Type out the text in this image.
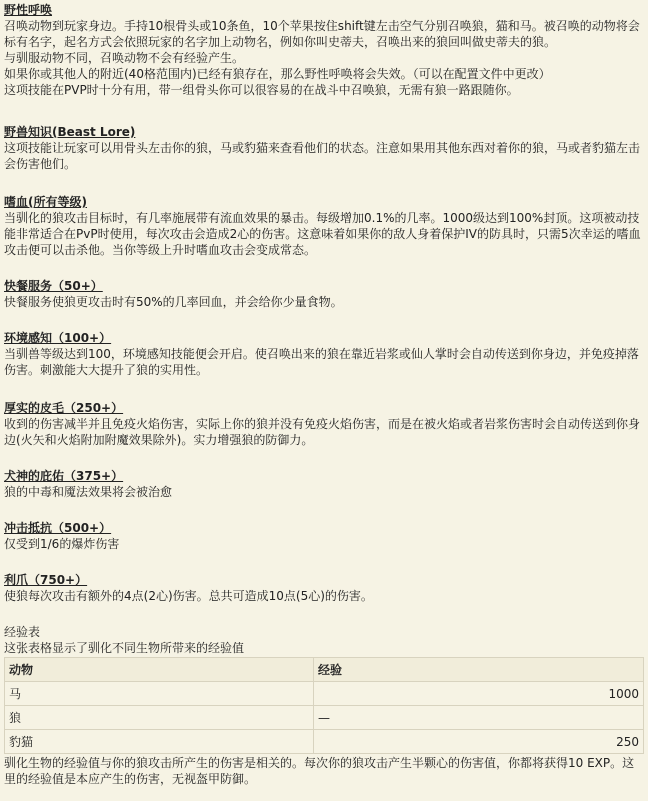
野性呼唤
召唤动物到玩家身边。手持10根骨头或10条鱼，10个苹果按住shift键左击空气分别召唤狼，猫和马。被召唤的动物将会标有名字，起名方式会依照玩家的名字加上动物名，例如你叫史蒂夫，召唤出来的狼回叫做史蒂夫的狼。
与驯服动物不同，召唤动物不会有经验产生。
如果你或其他人的附近(40格范围内)已经有狼存在，那么野性呼唤将会失效。（可以在配置文件中更改）
这项技能在PVP时十分有用，带一组骨头你可以很容易的在战斗中召唤狼，无需有狼一路跟随你。
野兽知识(Beast Lore)
这项技能让玩家可以用骨头左击你的狼，马或豹猫来查看他们的状态。注意如果用其他东西对着你的狼，马或者豹猫左击会伤害他们。
嗜血(所有等级)
当驯化的狼攻击目标时，有几率施展带有流血效果的暴击。每级增加0.1%的几率。1000级达到100%封顶。这项被动技能非常适合在PvP时使用，每次攻击会造成2心的伤害。这意味着如果你的敌人身着保护IV的防具时，只需5次幸运的嗜血攻击便可以击杀他。当你等级上升时嗜血攻击会变成常态。
快餐服务（50+）
快餐服务使狼更攻击时有50%的几率回血，并会给你少量食物。
环境感知（100+）
当驯兽等级达到100，环境感知技能便会开启。使召唤出来的狼在靠近岩浆或仙人掌时会自动传送到你身边，并免疫掉落伤害。刺激能大大提升了狼的实用性。
厚实的皮毛（250+）
收到的伤害减半并且免疫火焰伤害，实际上你的狼并没有免疫火焰伤害，而是在被火焰或者岩浆伤害时会自动传送到你身边(火矢和火焰附加附魔效果除外)。实力增强狼的防御力。
犬神的庇佑（375+）
狼的中毒和魇法效果将会被治愈
冲击抵抗（500+）
仅受到1/6的爆炸伤害
利爪（750+）
使狼每次攻击有额外的4点(2心)伤害。总共可造成10点(5心)的伤害。
经验表
这张表格显示了驯化不同生物所带来的经验值
动物	经验
马	1000
狼	—
豹猫	250
驯化生物的经验值与你的狼攻击所产生的伤害是相关的。每次你的狼攻击产生半颗心的伤害值，你都将获得10 EXP。这里的经验值是本应产生的伤害，无视盔甲防御。
